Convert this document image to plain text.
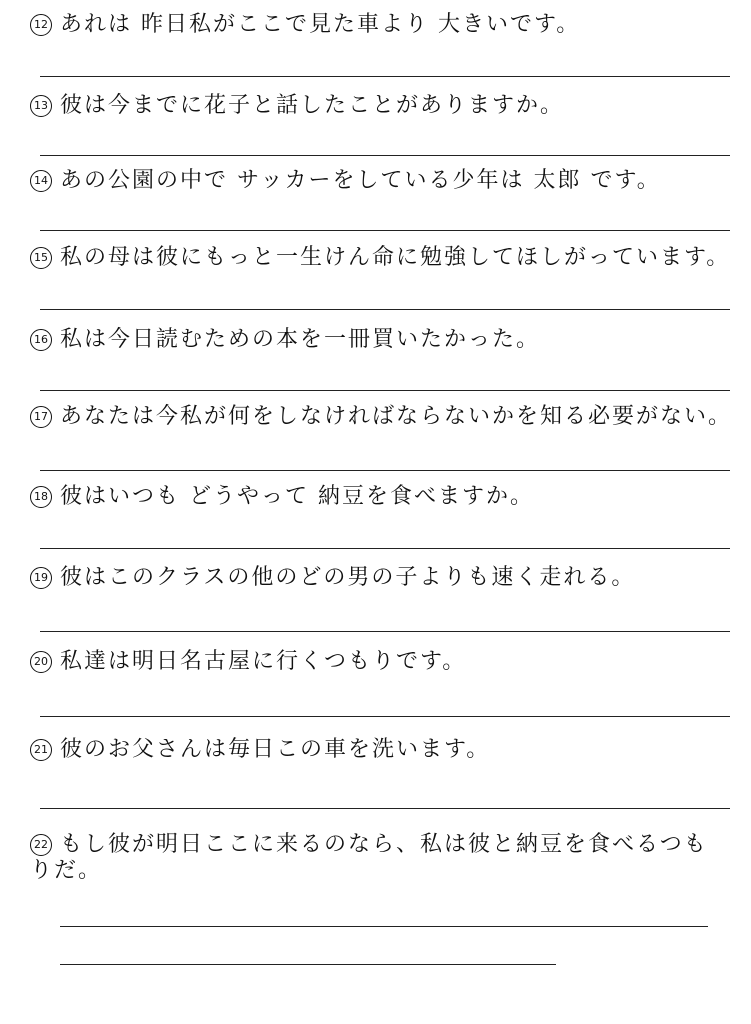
12 あれは 昨日私がここで見た車より 大きいです。
13 彼は今までに花子と話したことがありますか。
14 あの公園の中で サッカーをしている少年は 太郎 です。
15 私の母は彼にもっと一生けん命に勉強してほしがっています。
16 私は今日読むための本を一冊買いたかった。
17 あなたは今私が何をしなければならないかを知る必要がない。
18 彼はいつも どうやって 納豆を食べますか。
19 彼はこのクラスの他のどの男の子よりも速く走れる。
20 私達は明日名古屋に行くつもりです。
21 彼のお父さんは毎日この車を洗います。
22 もし彼が明日ここに来るのなら、私は彼と納豆を食べるつもりだ。
